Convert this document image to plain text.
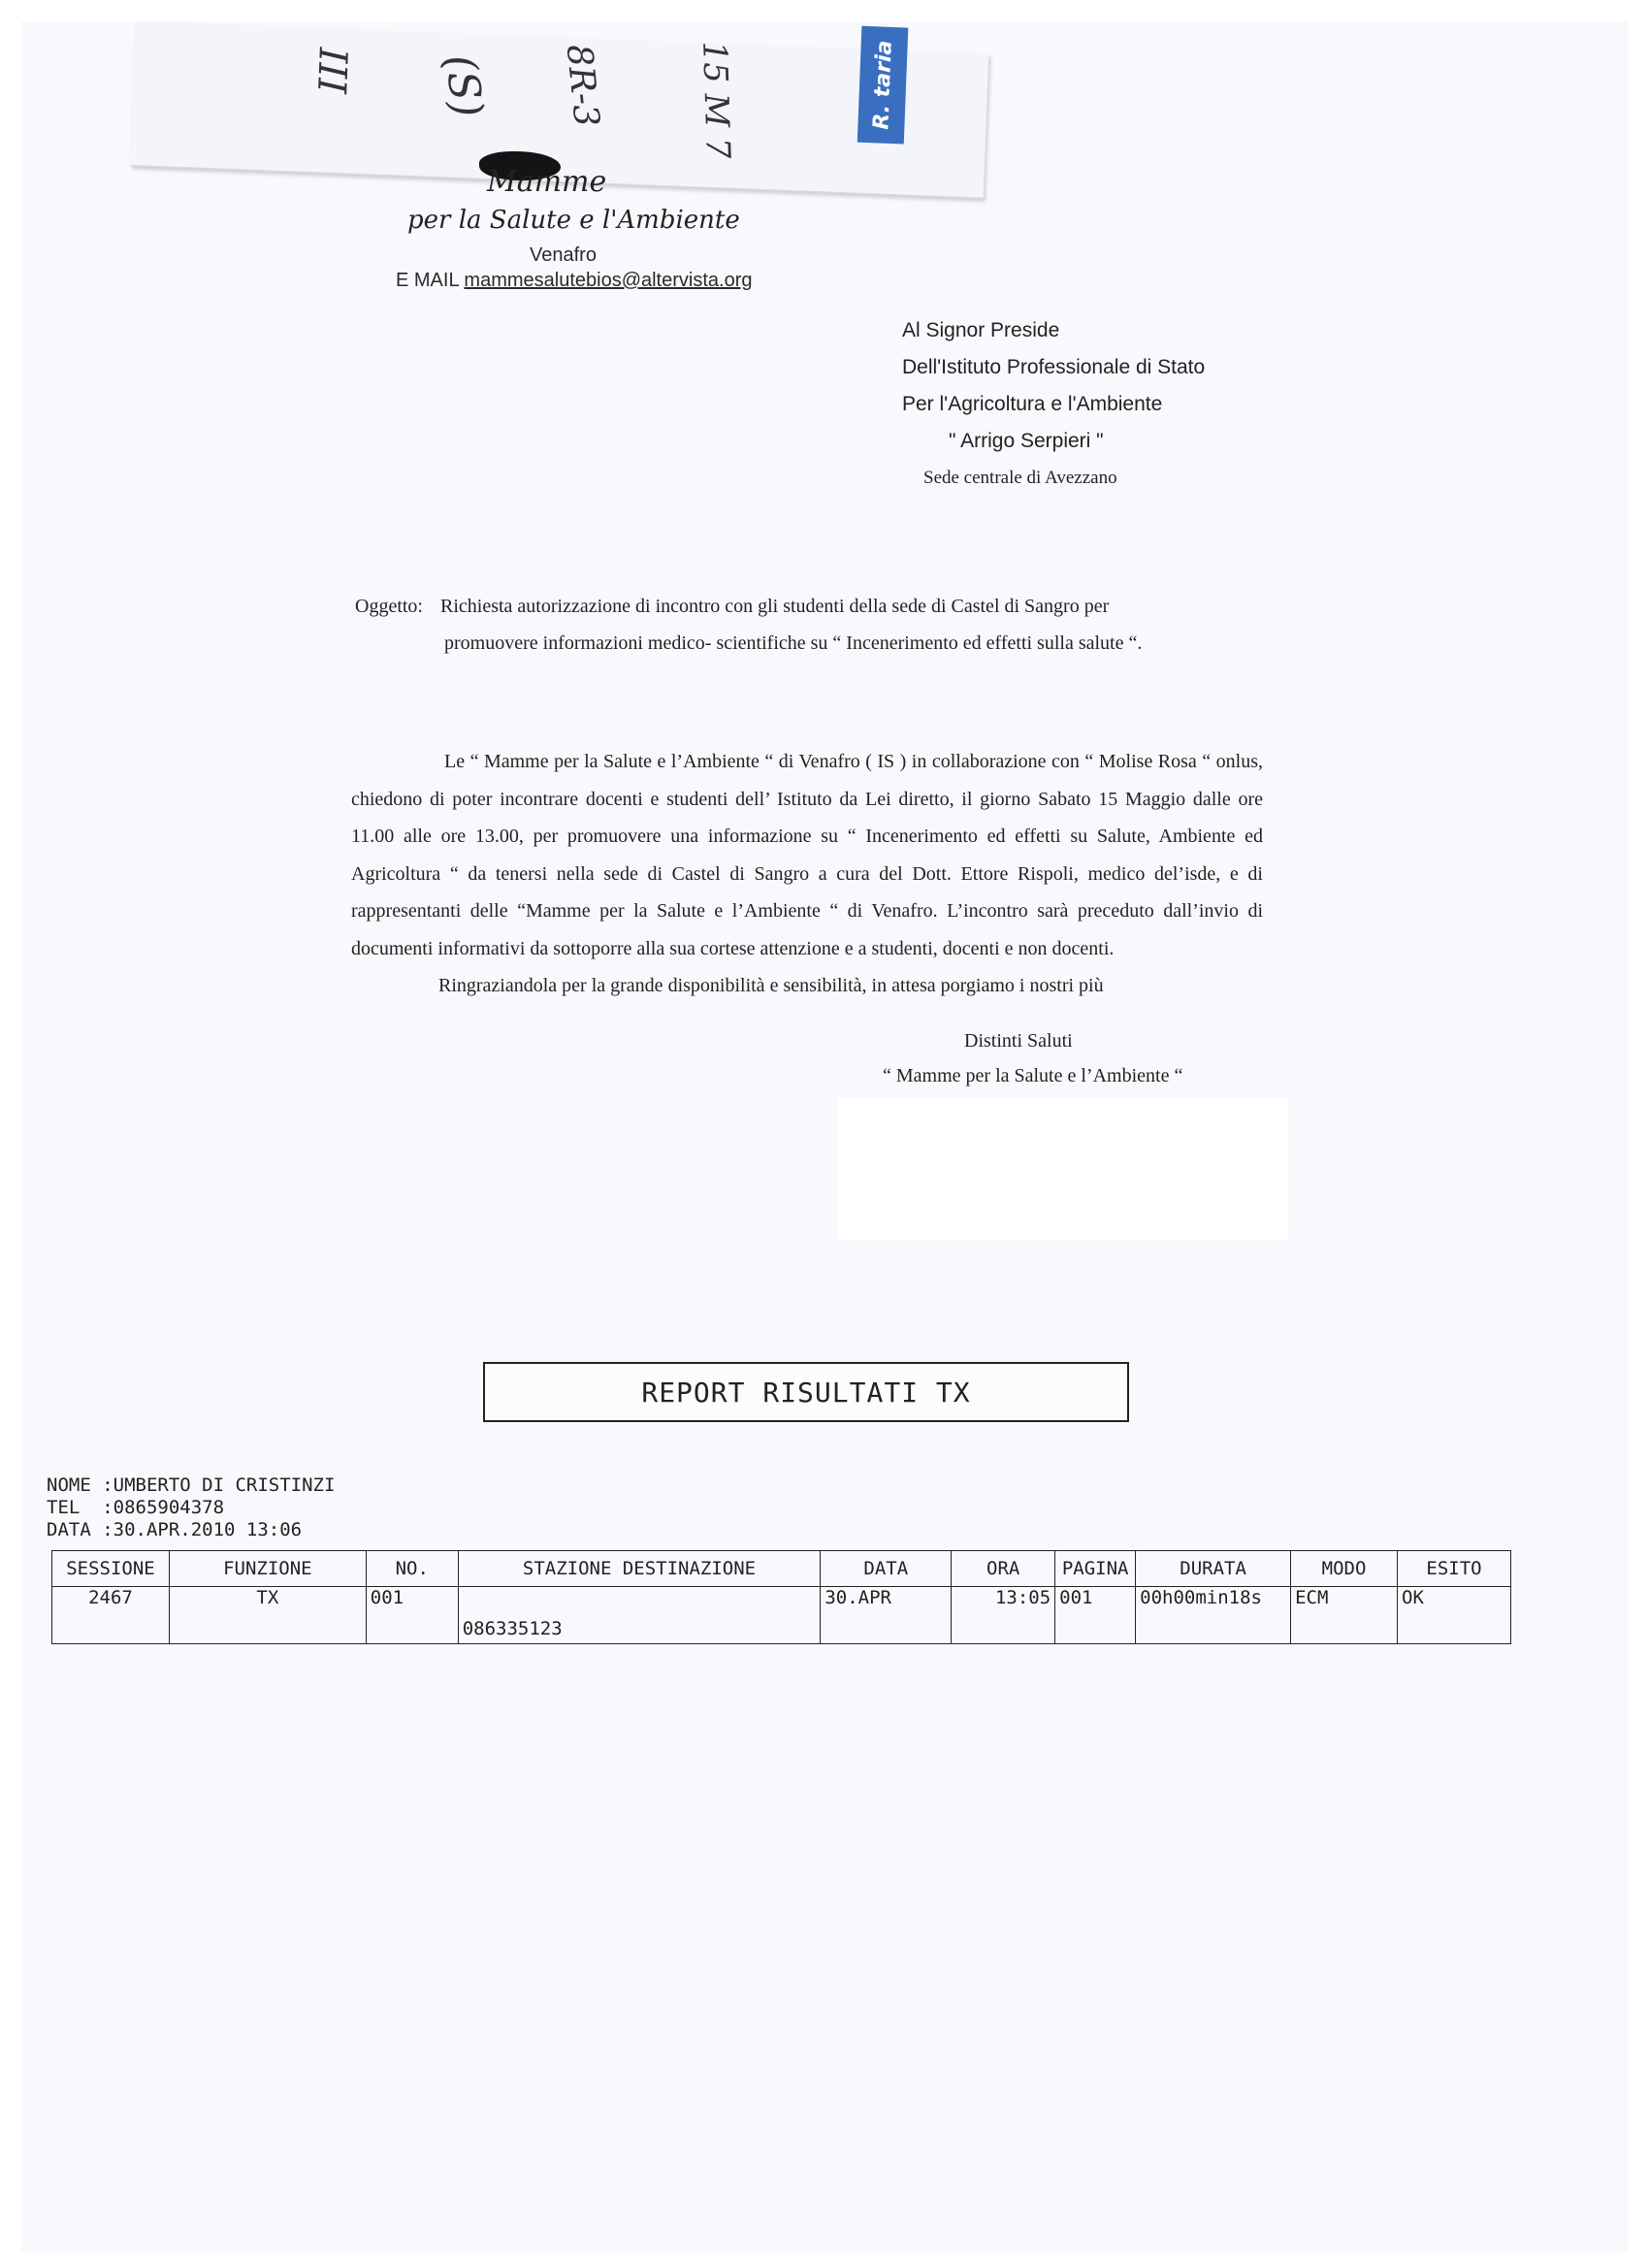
III (S) 8R-3	15 M 7	R. taria
Mamme
per la Salute e l'Ambiente
Venafro
E MAIL mammesalutebios@altervista.org
Al Signor Preside
Dell'Istituto Professionale di Stato
Per l'Agricoltura e l'Ambiente
" Arrigo Serpieri "
Sede centrale di Avezzano
Oggetto: Richiesta autorizzazione di incontro con gli studenti della sede di Castel di Sangro per
promuovere informazioni medico- scientifiche su “ Incenerimento ed effetti sulla salute “.

Le “ Mamme per la Salute e l’Ambiente “ di Venafro ( IS ) in collaborazione con “ Molise Rosa “ onlus, chiedono di poter incontrare docenti e studenti dell’ Istituto da Lei diretto, il giorno Sabato 15 Maggio dalle ore 11.00 alle ore 13.00, per promuovere una informazione su “ Incenerimento ed effetti su Salute, Ambiente ed Agricoltura “ da tenersi nella sede di Castel di Sangro a cura del Dott. Ettore Rispoli, medico del’isde, e di rappresentanti delle “Mamme per la Salute e l’Ambiente “ di Venafro. L’incontro sarà preceduto dall’invio di documenti informativi da sottoporre alla sua cortese attenzione e a studenti, docenti e non docenti.

Ringraziandola per la grande disponibilità e sensibilità, in attesa porgiamo i nostri più

Distinti Saluti
“ Mamme per la Salute e l’Ambiente “
REPORT RISULTATI TX
NOME :UMBERTO DI CRISTINZI
TEL  :0865904378
DATA :30.APR.2010 13:06
SESSIONE	FUNZIONE	NO.	STAZIONE DESTINAZIONE	DATA	ORA	PAGINA	DURATA	MODO	ESITO
2467	TX	001	086335123	30.APR	13:05	001	00h00min18s	ECM	OK
